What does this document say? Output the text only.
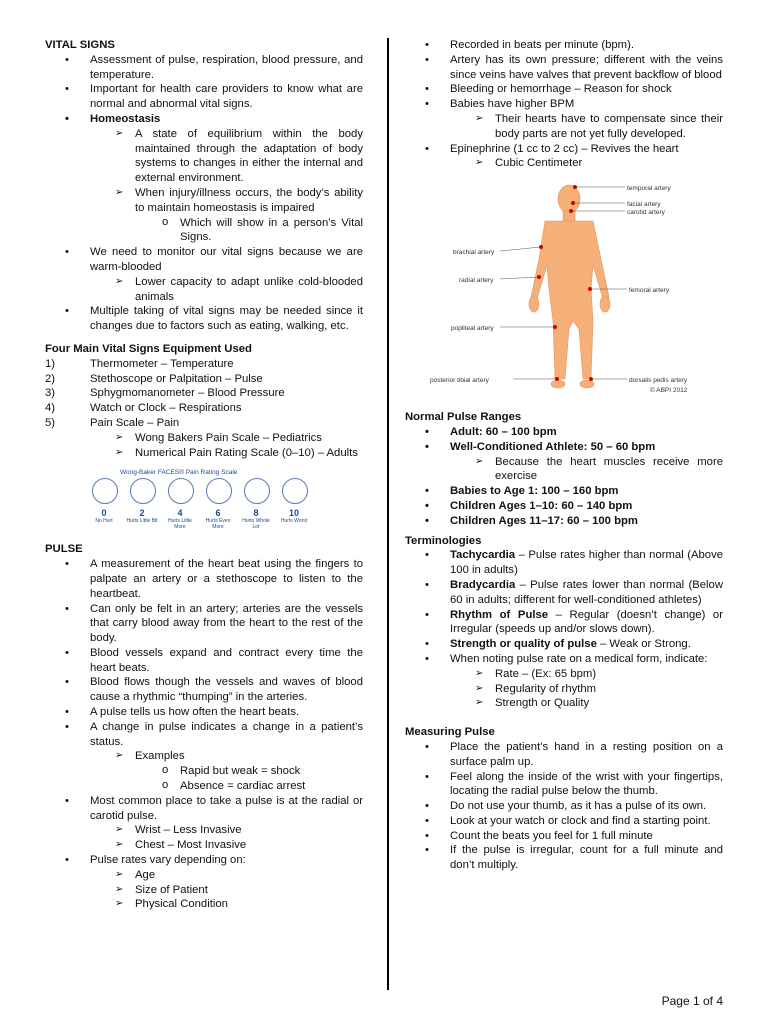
VITAL SIGNS

• Assessment of pulse, respiration, blood pressure, and temperature.
• Important for health care providers to know what are normal and abnormal vital signs.
• Homeostasis
➢ A state of equilibrium within the body maintained through the adaptation of body systems to changes in either the internal and external environment.
➢ When injury/illness occurs, the body’s ability to maintain homeostasis is impaired
o Which will show in a person’s Vital Signs.
• We need to monitor our vital signs because we are warm-blooded
➢ Lower capacity to adapt unlike cold-blooded animals
• Multiple taking of vital signs may be needed since it changes due to factors such as eating, walking, etc.

Four Main Vital Signs Equipment Used

1)	Thermometer – Temperature
2)	Stethoscope or Palpitation – Pulse
3)	Sphygmomanometer – Blood Pressure
4)	Watch or Clock – Respirations
5)	Pain Scale – Pain
➢ Wong Bakers Pain Scale – Pediatrics
➢ Numerical Pain Rating Scale (0–10) – Adults
Wong-Baker FACES® Pain Rating Scale
0	2	4	6	8	10
No Hurt	Hurts Little Bit	Hurts Little More
Hurts Even More
Hurts Whole Lot
Hurts Worst

PULSE

• A measurement of the heart beat using the fingers to palpate an artery or a stethoscope to listen to the heartbeat.
• Can only be felt in an artery; arteries are the vessels that carry blood away from the heart to the rest of the body.
• Blood vessels expand and contract every time the heart beats.
• Blood flows though the vessels and waves of blood cause a rhythmic “thumping” in the arteries.
• A pulse tells us how often the heart beats.
• A change in pulse indicates a change in a patient’s status.
➢ Examples
o Rapid but weak = shock
o Absence = cardiac arrest
• Most common place to take a pulse is at the radial or carotid pulse.
➢ Wrist – Less Invasive
➢ Chest – Most Invasive
• Pulse rates vary depending on:
➢ Age
➢ Size of Patient
➢ Physical Condition
• Recorded in beats per minute (bpm).
• Artery has its own pressure; different with the veins since veins have valves that prevent backflow of blood
• Bleeding or hemorrhage – Reason for shock
• Babies have higher BPM
➢ Their hearts have to compensate since their body parts are not yet fully developed.
• Epinephrine (1 cc to 2 cc) – Revives the heart
➢ Cubic Centimeter
temporal artery
facial artery
carotid artery
brachial artery
radial artery
femoral artery
popliteal artery
posterior tibial artery	dorsalis pedis artery
© ABPI 2012

Normal Pulse Ranges

• Adult: 60 – 100 bpm
• Well-Conditioned Athlete: 50 – 60 bpm
➢ Because the heart muscles receive more exercise
• Babies to Age 1: 100 – 160 bpm
• Children Ages 1–10: 60 – 140 bpm
• Children Ages 11–17: 60 – 100 bpm

Terminologies

• Tachycardia – Pulse rates higher than normal (Above 100 in adults)
• Bradycardia – Pulse rates lower than normal (Below 60 in adults; different for well-conditioned athletes)
• Rhythm of Pulse – Regular (doesn’t change) or Irregular (speeds up and/or slows down).
• Strength or quality of pulse – Weak or Strong.
• When noting pulse rate on a medical form, indicate:
➢ Rate – (Ex: 65 bpm)
➢ Regularity of rhythm
➢ Strength or Quality

Measuring Pulse

• Place the patient’s hand in a resting position on a surface palm up.
• Feel along the inside of the wrist with your fingertips, locating the radial pulse below the thumb.
• Do not use your thumb, as it has a pulse of its own.
• Look at your watch or clock and find a starting point.
• Count the beats you feel for 1 full minute
• If the pulse is irregular, count for a full minute and don’t multiply.
Page 1 of 4
